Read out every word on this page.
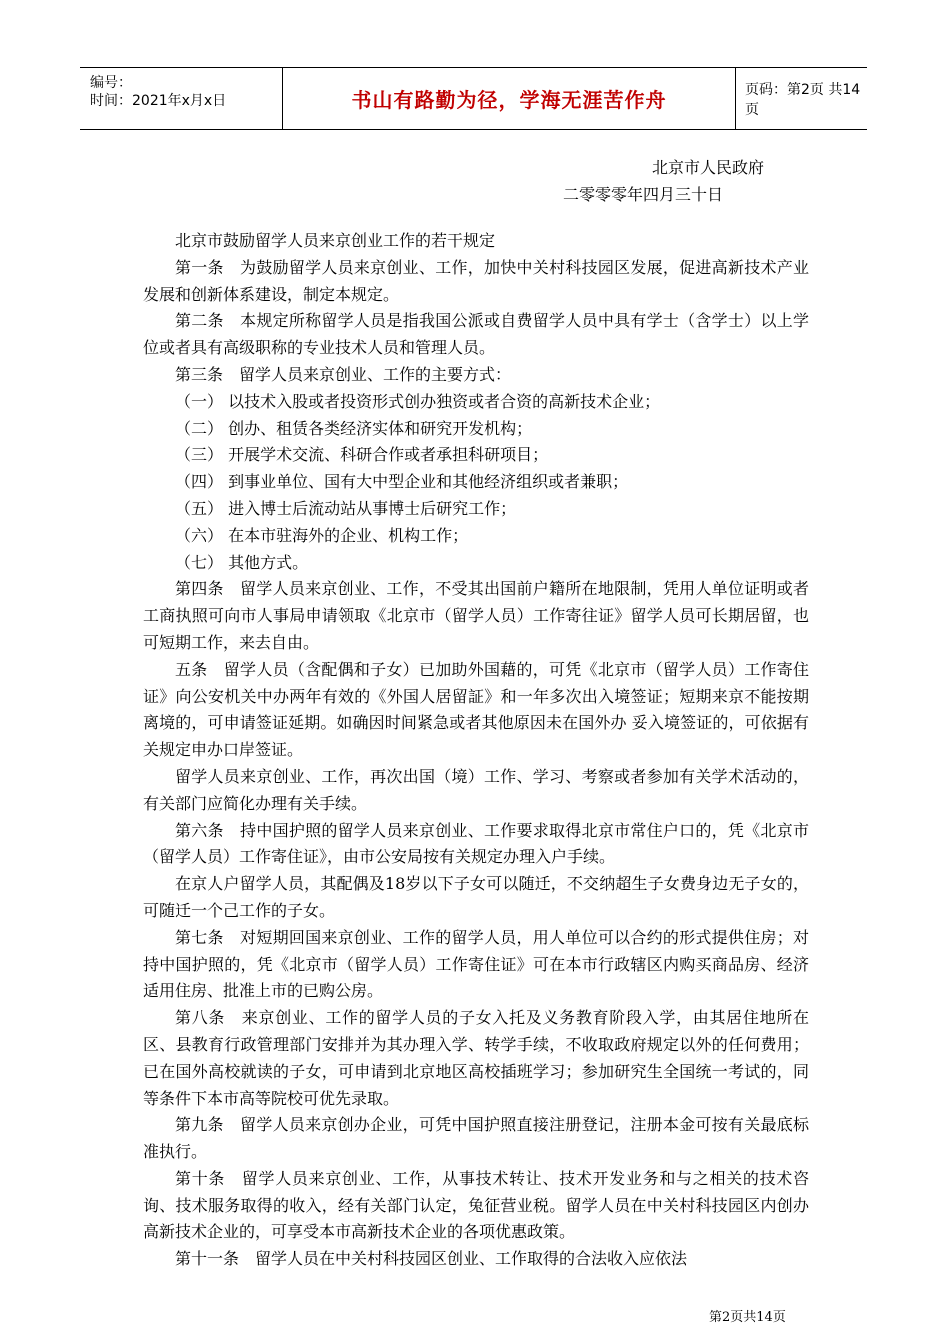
编号：
时间：2021年x月x日	书山有路勤为径，学海无涯苦作舟	页码：第2页 共14页
北京市人民政府
二零零零年四月三十日

北京市鼓励留学人员来京创业工作的若干规定

第一条　为鼓励留学人员来京创业、工作，加快中关村科技园区发展，促进高新技术产业发展和创新体系建设，制定本规定。

第二条　本规定所称留学人员是指我国公派或自费留学人员中具有学士（含学士）以上学位或者具有高级职称的专业技术人员和管理人员。

第三条　留学人员来京创业、工作的主要方式：

（一） 以技术入股或者投资形式创办独资或者合资的高新技术企业；

（二） 创办、租赁各类经济实体和研究开发机构；

（三） 开展学术交流、科研合作或者承担科研项目；

（四） 到事业单位、国有大中型企业和其他经济组织或者兼职；

（五） 进入博士后流动站从事博士后研究工作；

（六） 在本市驻海外的企业、机构工作；

（七） 其他方式。

第四条　留学人员来京创业、工作，不受其出国前户籍所在地限制，凭用人单位证明或者工商执照可向市人事局申请领取《北京市（留学人员）工作寄往证》留学人员可长期居留，也可短期工作，来去自由。

五条　留学人员（含配偶和子女）已加助外国藉的，可凭《北京市（留学人员）工作寄住证》向公安机关中办两年有效的《外国人居留証》和一年多次出入境签证；短期来京不能按期离境的，可申请签证延期。如确因时间紧急或者其他原因未在国外办 妥入境签证的，可依据有关规定申办口岸签证。

留学人员来京创业、工作，再次出国（境）工作、学习、考察或者参加有关学术活动的，有关部门应简化办理有关手续。

第六条　持中国护照的留学人员来京创业、工作要求取得北京市常住户口的，凭《北京市（留学人员）工作寄住证》，由市公安局按有关规定办理入户手续。

在京人户留学人员，其配偶及18岁以下子女可以随迁，不交纳超生子女费身边无子女的，可随迁一个己工作的子女。

第七条　对短期回国来京创业、工作的留学人员，用人单位可以合约的形式提供住房；对持中国护照的，凭《北京市（留学人员）工作寄住证》可在本市行政辖区内购买商品房、经济适用住房、批准上市的已购公房。

第八条　来京创业、工作的留学人员的子女入托及义务教育阶段入学，由其居住地所在区、县教育行政管理部门安排并为其办理入学、转学手续，不收取政府规定以外的任何费用；已在国外高校就读的子女，可申请到北京地区高校插班学习；参加研究生全国统一考试的，同等条件下本市高等院校可优先录取。

第九条　留学人员来京创办企业，可凭中国护照直接注册登记，注册本金可按有关最底标准执行。

第十条　留学人员来京创业、工作，从事技术转让、技术开发业务和与之相关的技术咨询、技术服务取得的收入，经有关部门认定，兔征营业税。留学人员在中关村科技园区内创办高新技术企业的，可享受本市高新技术企业的各项优惠政策。

第十一条　留学人员在中关村科技园区创业、工作取得的合法收入应依法

第2页共14页
